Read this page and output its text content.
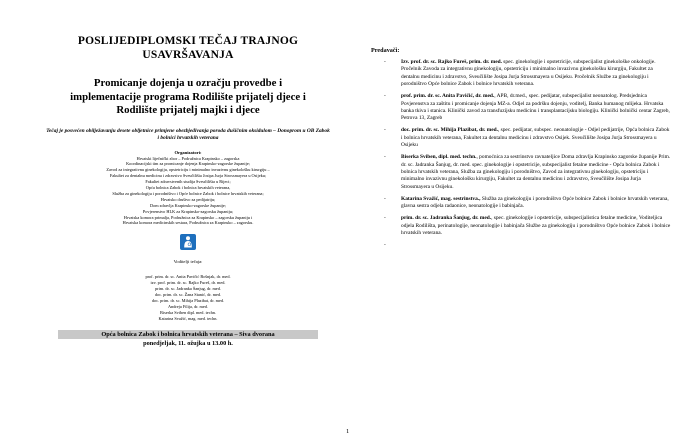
POSLIJEDIPLOMSKI TEČAJ TRAJNOG
USAVRŠAVANJA
Promicanje dojenja u ozračju provedbe i
implementacije programa Rodilište prijatelj djece i
Rodilište prijatelj majki i djece
Tečaj je posvećen obilježavanju desete obljetnice primjene obezbjeđivanja poroda dušičnim oksidulom – Donoprom u OB Zabok i bolnici hrvatskih veterana
Organizatori:
Hrvatski liječnički zbor – Podružnica Krapinsko – zagorska
Koordinacijski tim za promicanje dojenja Krapinsko-zagorske županije;
Zavod za integrativnu ginekologiju, opstetriciju i minimalno invazivnu ginekološku kirurgiju –
Fakultet za dentalnu medicinu i zdravstvo Sveučilišta Josipa Jurja Strossmayera u Osijeku;
Fakultet zdravstvenih studija Sveučilišta u Rijeci;
Opća bolnica Zabok i bolnica hrvatskih veterana,
Služba za ginekologiju i porodništvo i Opće bolnice Zabok i bolnice hrvatskih veterana;
Hrvatsko društvo za pedijatriju;
Dom zdravlja Krapinsko-zagorske županije;
Povjerenstvo HLK za Krapinsko-zagorsku županiju;
Hrvatska komora primalja, Podružnica za Krapinsko – zagorsku županiju i
Hrvatska komora medicinskih sestara, Podružnica za Krapinsko – zagorsku.
Voditelji tečaja:
prof. prim. dr. sc. Anita Pavičić Bošnjak, dr. med.
izv. prof. prim. dr. sc. Rajko Fureš, dr. med.
prim. dr. sc. Jadranka Šanjug, dr. med.
doc. prim. dr. sc. Žana Stanić, dr. med.
doc. prim. dr. sc. Mihija Plazibat, dr. med.
Andreja Filija, dr. med.
Biserka Sviben dipl. med. techn.
Katarina Svažić, mag. med. techn.
Opća bolnica Zabok i bolnica hrvatskih veterana – Siva dvorana
ponedjeljak, 11. ožujka u 13.00 h.
Predavači:
-	Izv. prof. dr. sc. Rajko Fureš, prim. dr. med. spec. ginekologije i opstetricije, subspecijalist ginekološke onkologije. Pročelnik Zavoda za integrativnu ginekologiju, opstetriciju i minimalno invazivnu ginekološku kirurgiju, Fakultet za dentalnu medicinu i zdravstvo, Sveučilište Josipa Jurja Strossmayera u Osijeku. Pročelnik Službe za ginekologiju i porodništvo Opće bolnice Zabok i bolnice hrvatskih veterana.
-	prof. prim. dr. sc. Anita Pavičić, dr. med., APB, dr.med., spec. pedijatar, subspecijalist neonatolog. Predsjednica Povjerenstva za zaštitu i promicanje dojenja MZ-a. Odjel za podršku dojenju, voditelj, Banka humanog mlijeka. Hrvatska banka tkiva i stanica. Klinički zavod za transfuzijsku medicinu i transplantacijsku biologiju. Klinički bolnički centar Zagreb, Petrova 13, Zagreb
-	doc. prim. dr. sc. Mihija Plazibat, dr. med., spec. pedijatar, subspec. neonatologije - Odjel pedijatrije, Opća bolnica Zabok i bolnica hrvatskih veterana, Fakultet za dentalnu medicinu i zdravstvo Osijek. Sveučilište Josipa Jurja Strossmayera u Osijeku
-	Biserka Sviben, dipl. med. techn., pomoćnica za sestrinstvo ravnateljice Doma zdravlja Krapinsko zagorske županije Prim. dr. sc. Jadranka Šanjug, dr. med. spec. ginekologije i opstetricije, subspecijalist fetalne medicine - Opća bolnica Zabok i bolnica hrvatskih veterana, Služba za ginekologiju i porodništvo, Zavod za integrativnu ginekologiju, opstetriciju i minimalno invazivnu ginekološku kirurgiju, Fakultet za dentalnu medicinu i zdravstvo, Sveučilište Josipa Jurja Strossmayera u Osijeku.
-	Katarina Svažić, mag. sestrinstva., Služba za ginekologiju i porodništvo Opće bolnice Zabok i bolnice hrvatskih veterana, glavna sestra odjela radaonice, neonatologije i babinjača.
-	prim. dr. sc. Jadranka Šanjug, dr. med., spec. ginekologije i opstetricije, subspecijalistica fetalne medicine, Voditeljica odjela Rodilišta, perinatologije, neonatologije i babinjača Službe za ginekologiju i porodništvo Opće bolnice Zabok i bolnice hrvatskih veterana.
-
1
